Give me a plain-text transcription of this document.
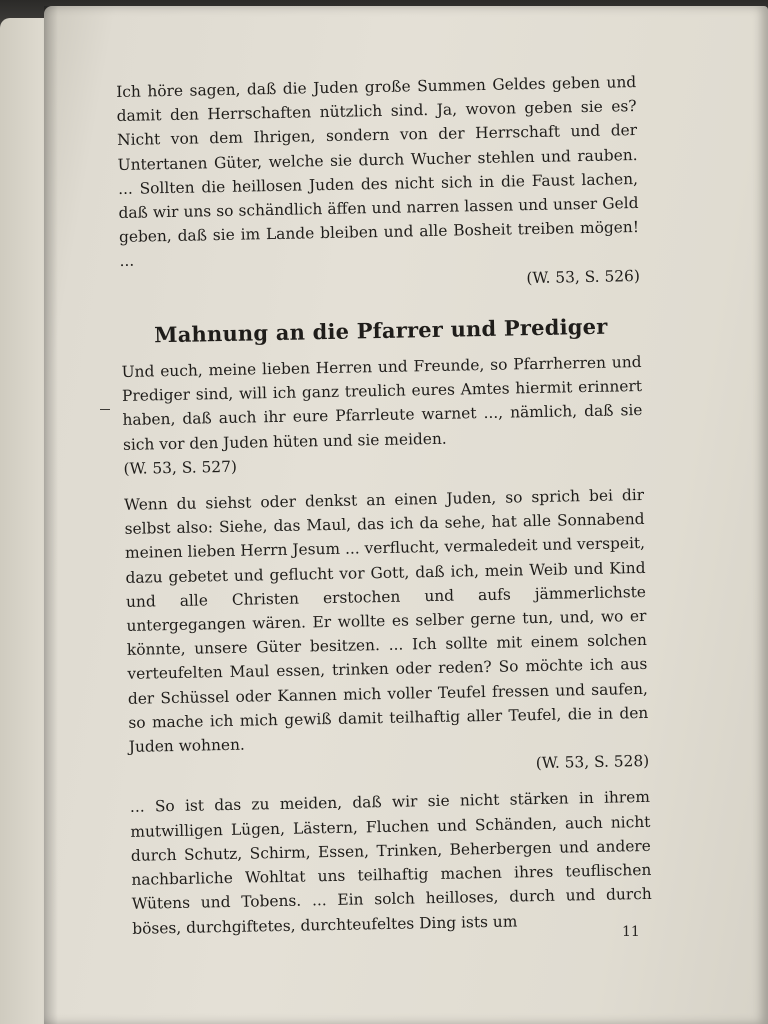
Ich höre sagen, daß die Juden große Summen Geldes geben und damit den Herrschaften nützlich sind. Ja, wovon geben sie es? Nicht von dem Ihrigen, sondern von der Herrschaft und der Untertanen Güter, welche sie durch Wucher stehlen und rauben. ... Sollten die heillosen Juden des nicht sich in die Faust lachen, daß wir uns so schändlich äffen und narren lassen und unser Geld geben, daß sie im Lande bleiben und alle Bosheit treiben mögen! ...

(W. 53, S. 526)

Mahnung an die Pfarrer und Prediger

Und euch, meine lieben Herren und Freunde, so Pfarrherren und Prediger sind, will ich ganz treulich eures Amtes hiermit erinnert haben, daß auch ihr eure Pfarrleute warnet ..., nämlich, daß sie sich vor den Juden hüten und sie meiden.

(W. 53, S. 527)

Wenn du siehst oder denkst an einen Juden, so sprich bei dir selbst also: Siehe, das Maul, das ich da sehe, hat alle Sonnabend meinen lieben Herrn Jesum ... verflucht, vermaledeit und verspeit, dazu gebetet und geflucht vor Gott, daß ich, mein Weib und Kind und alle Christen erstochen und aufs jämmerlichste untergegangen wären. Er wollte es selber gerne tun, und, wo er könnte, unsere Güter besitzen. ... Ich sollte mit einem solchen verteufelten Maul essen, trinken oder reden? So möchte ich aus der Schüssel oder Kannen mich voller Teufel fressen und saufen, so mache ich mich gewiß damit teilhaftig aller Teufel, die in den Juden wohnen.

(W. 53, S. 528)

... So ist das zu meiden, daß wir sie nicht stärken in ihrem mutwilligen Lügen, Lästern, Fluchen und Schänden, auch nicht durch Schutz, Schirm, Essen, Trinken, Beherbergen und andere nachbarliche Wohltat uns teilhaftig machen ihres teuflischen Wütens und Tobens. ... Ein solch heilloses, durch und durch böses, durchgiftetes, durchteufeltes Ding ists um	11
